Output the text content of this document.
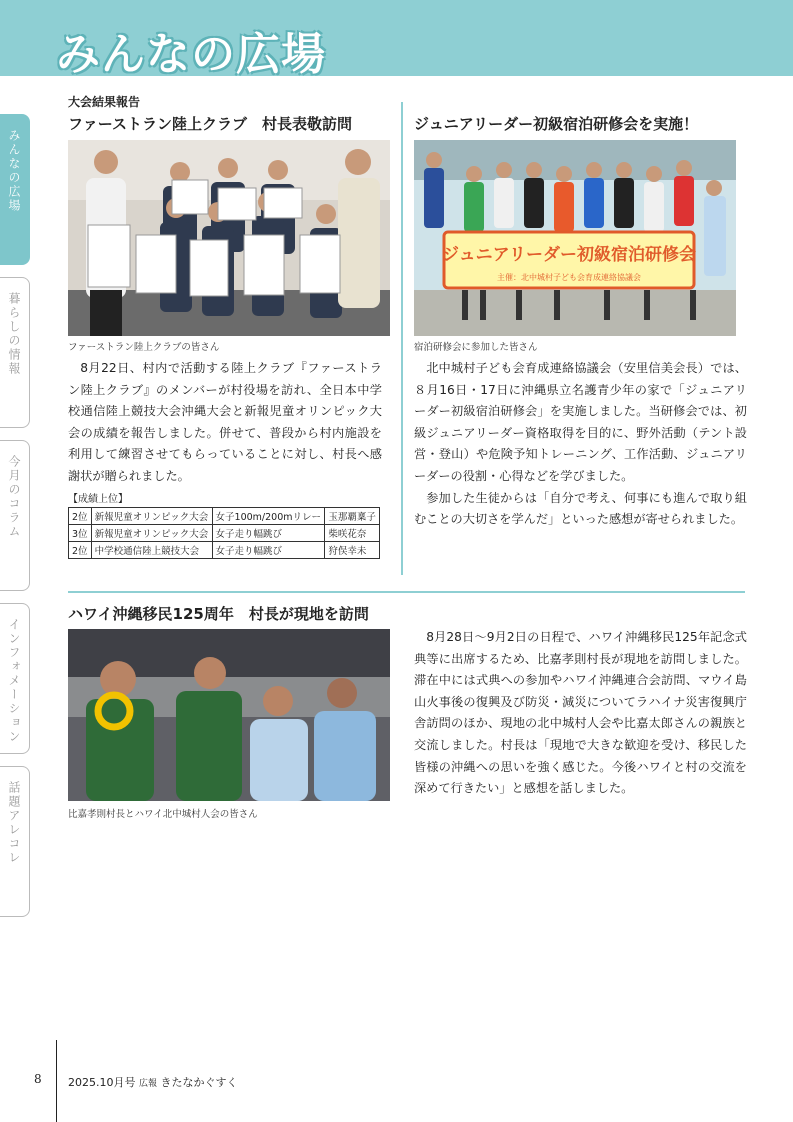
みんなの広場
みんなの広場
暮らしの情報
今月のコラム
インフォメーション
話題アレコレ
大会結果報告
ファーストラン陸上クラブ　村長表敬訪問
ファーストラン陸上クラブの皆さん
8月22日、村内で活動する陸上クラブ『ファーストラン陸上クラブ』のメンバーが村役場を訪れ、全日本中学校通信陸上競技大会沖縄大会と新報児童オリンピック大会の成績を報告しました。併せて、普段から村内施設を利用して練習させてもらっていることに対し、村長へ感謝状が贈られました。
【成績上位】
2位	新報児童オリンピック大会	女子100m/200mリレー	玉那覇稟子
3位	新報児童オリンピック大会	女子走り幅跳び	柴咲花奈
2位	中学校通信陸上競技大会	女子走り幅跳び	狩俣幸未
ジュニアリーダー初級宿泊研修会を実施！
ジュニアリーダー初級宿泊研修会
主催：北中城村子ども会育成連絡協議会
宿泊研修会に参加した皆さん

北中城村子ども会育成連絡協議会（安里信美会長）では、８月16日・17日に沖縄県立名護青少年の家で「ジュニアリーダー初級宿泊研修会」を実施しました。当研修会では、初級ジュニアリーダー資格取得を目的に、野外活動（テント設営・登山）や危険予知トレーニング、工作活動、ジュニアリーダーの役割・心得などを学びました。

参加した生徒からは「自分で考え、何事にも進んで取り組むことの大切さを学んだ」といった感想が寄せられました。

ハワイ沖縄移民125周年　村長が現地を訪問
比嘉孝則村長とハワイ北中城村人会の皆さん
8月28日〜9月2日の日程で、ハワイ沖縄移民125年記念式典等に出席するため、比嘉孝則村長が現地を訪問しました。滞在中には式典への参加やハワイ沖縄連合会訪問、マウイ島山火事後の復興及び防災・減災についてラハイナ災害復興庁舎訪問のほか、現地の北中城村人会や比嘉太郎さんの親族と交流しました。村長は「現地で大きな歓迎を受け、移民した皆様の沖縄への思いを強く感じた。今後ハワイと村の交流を深めて行きたい」と感想を話しました。
8 2025.10月号 広報 きたなかぐすく
